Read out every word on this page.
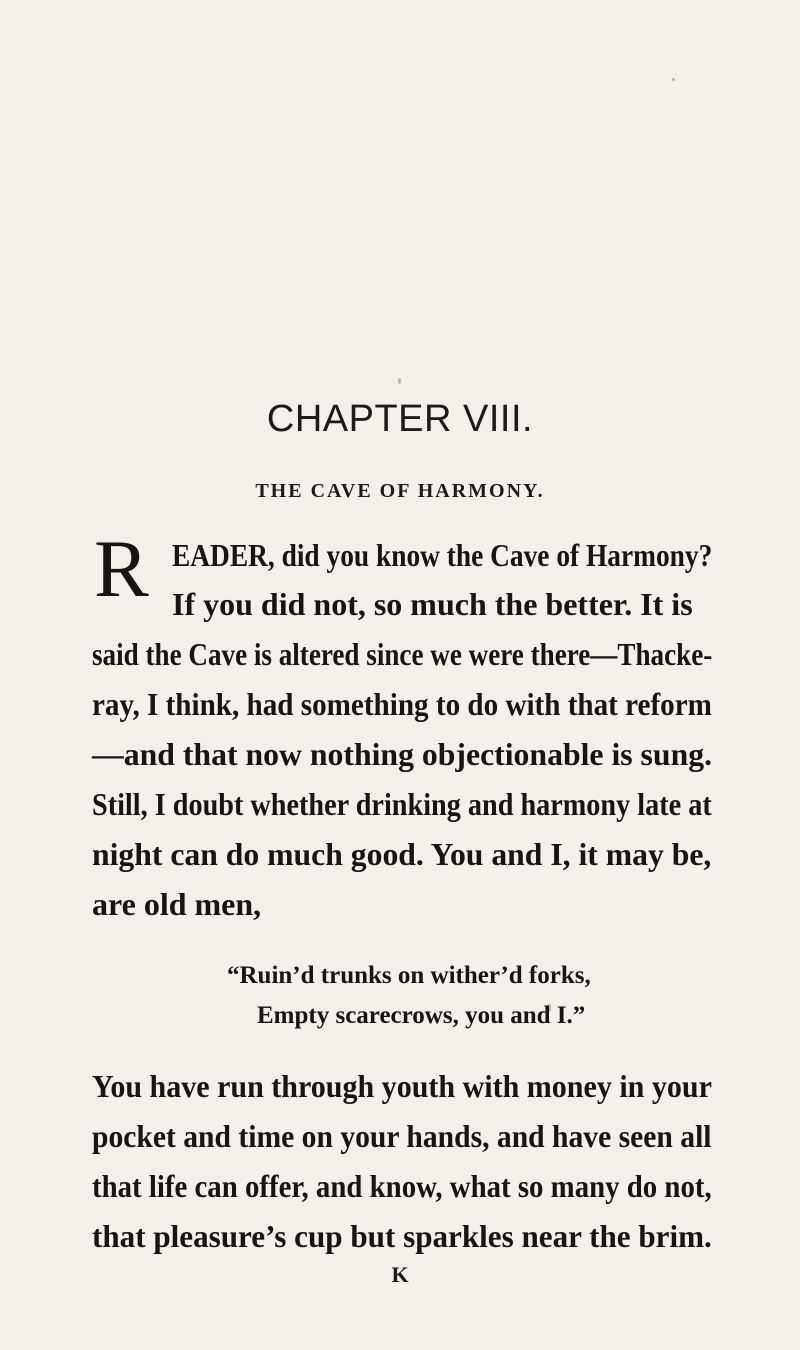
CHAPTER VIII.
THE CAVE OF HARMONY.
R EADER, did you know the Cave of Harmony?
If you did not, so much the better. It is
said the Cave is altered since we were there—Thacke-
ray, I think, had something to do with that reform
—and that now nothing objectionable is sung.
Still, I doubt whether drinking and harmony late at
night can do much good. You and I, it may be,
are old men,
“Ruin’d trunks on wither’d forks,
Empty scarecrows, you and I.”
You have run through youth with money in your
pocket and time on your hands, and have seen all
that life can offer, and know, what so many do not,
that pleasure’s cup but sparkles near the brim.
K
